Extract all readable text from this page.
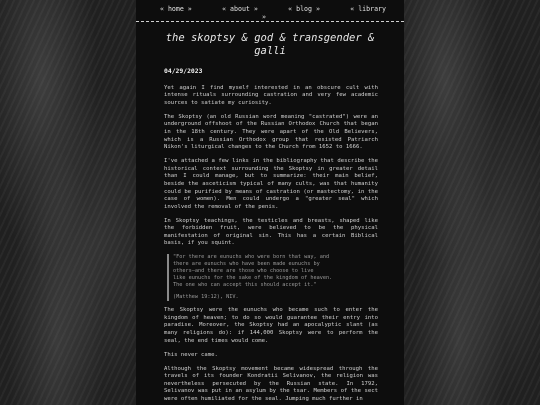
« home »	« about »	« blog »	« library
»
the skoptsy & god & transgender & galli
04/29/2023

Yet again I find myself interested in an obscure cult with intense rituals surrounding castration and very few academic sources to satiate my curiosity.

The Skoptsy (an old Russian word meaning "castrated") were an underground offshoot of the Russian Orthodox Church that began in the 18th century. They were apart of the Old Believers, which is a Russian Orthodox group that resisted Patriarch Nikon's liturgical changes to the Church from 1652 to 1666.

I've attached a few links in the bibliography that describe the historical context surrounding the Skoptsy in greater detail than I could manage, but to summarize: their main belief, beside the asceticism typical of many cults, was that humanity could be purified by means of castration (or mastectomy, in the case of women). Men could undergo a "greater seal" which involved the removal of the penis.

In Skoptsy teachings, the testicles and breasts, shaped like the forbidden fruit, were believed to be the physical manifestation of original sin. This has a certain Biblical basis, if you squint.

"For there are eunuchs who were born that way, and
there are eunuchs who have been made eunuchs by
others—and there are those who choose to live
like eunuchs for the sake of the kingdom of heaven.
The one who can accept this should accept it."
(Matthew 19:12), NIV.

The Skoptsy were the eunuchs who became such to enter the kingdom of heaven; to do so would guarantee their entry into paradise. Moreover, the Skoptsy had an apocalyptic slant (as many religions do): if 144,000 Skoptsy were to perform the seal, the end times would come.

This never came.

Although the Skoptsy movement became widespread through the travels of its founder Kondratii Selivanov, the religion was nevertheless persecuted by the Russian state. In 1792, Selivanov was put in an asylum by the tsar. Members of the sect were often humiliated for the seal. Jumping much further in
